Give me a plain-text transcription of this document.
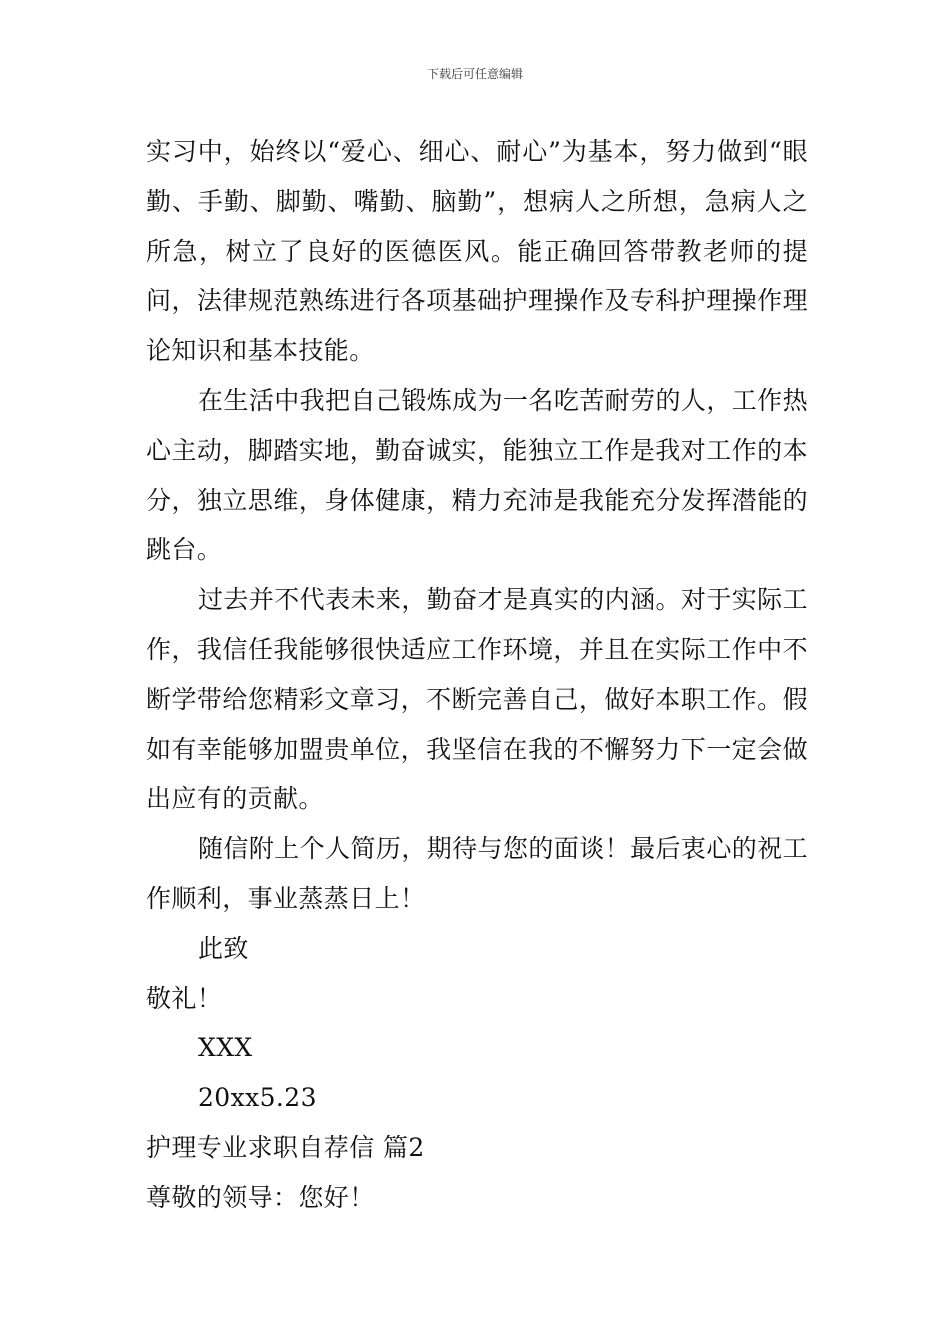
下载后可任意编辑

实习中，始终以“爱心、细心、耐心”为基本，努力做到“眼勤、手勤、脚勤、嘴勤、脑勤”，想病人之所想，急病人之所急，树立了良好的医德医风。能正确回答带教老师的提问，法律规范熟练进行各项基础护理操作及专科护理操作理论知识和基本技能。

在生活中我把自己锻炼成为一名吃苦耐劳的人，工作热心主动，脚踏实地，勤奋诚实，能独立工作是我对工作的本分，独立思维，身体健康，精力充沛是我能充分发挥潜能的跳台。

过去并不代表未来，勤奋才是真实的内涵。对于实际工作，我信任我能够很快适应工作环境，并且在实际工作中不断学带给您精彩文章习，不断完善自己，做好本职工作。假如有幸能够加盟贵单位，我坚信在我的不懈努力下一定会做出应有的贡献。

随信附上个人简历，期待与您的面谈！最后衷心的祝工作顺利，事业蒸蒸日上！

此致

敬礼！

XXX

20xx5.23

护理专业求职自荐信 篇2

尊敬的领导：您好！
